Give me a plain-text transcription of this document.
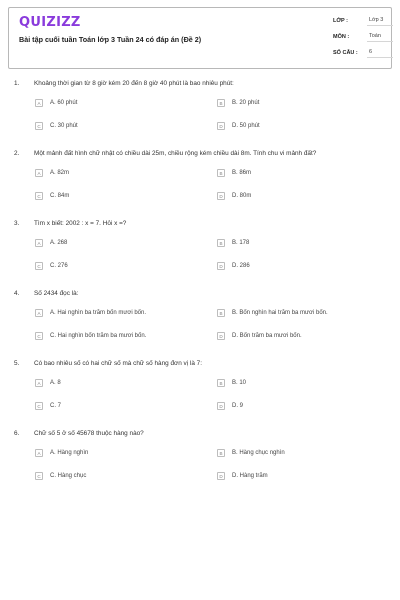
QUIZIZZ
Bài tập cuối tuần Toán lớp 3 Tuần 24 có đáp án (Đề 2)
LỚP :	Lớp 3
MÔN :	Toán
SỐ CÂU :	6
1. Khoảng thời gian từ 8 giờ kém 20 đến 8 giờ 40 phút là bao nhiêu phút:
A	A. 60 phút	B	B. 20 phút
C	C. 30 phút	D	D. 50 phút
2. Một mảnh đất hình chữ nhật có chiều dài 25m, chiều rộng kém chiều dài 8m. Tính chu vi mảnh đất?
A	A. 82m	B	B. 86m
C	C. 84m	D	D. 80m
3. Tìm x biết: 2002 : x = 7. Hỏi x =?
A	A. 268	B	B. 178
C	C. 276	D	D. 286
4. Số 2434 đọc là:
A	A. Hai nghìn ba trăm bốn mươi bốn.	B	B. Bốn nghìn hai trăm ba mươi bốn.
C	C. Hai nghìn bốn trăm ba mươi bốn.	D	D. Bốn trăm ba mươi bốn.
5. Có bao nhiêu số có hai chữ số mà chữ số hàng đơn vị là 7:
A	A. 8	B	B. 10
C	C. 7	D	D. 9
6. Chữ số 5 ở số 45678 thuộc hàng nào?
A	A. Hàng nghìn	B	B. Hàng chục nghìn
C	C. Hàng chục	D	D. Hàng trăm
